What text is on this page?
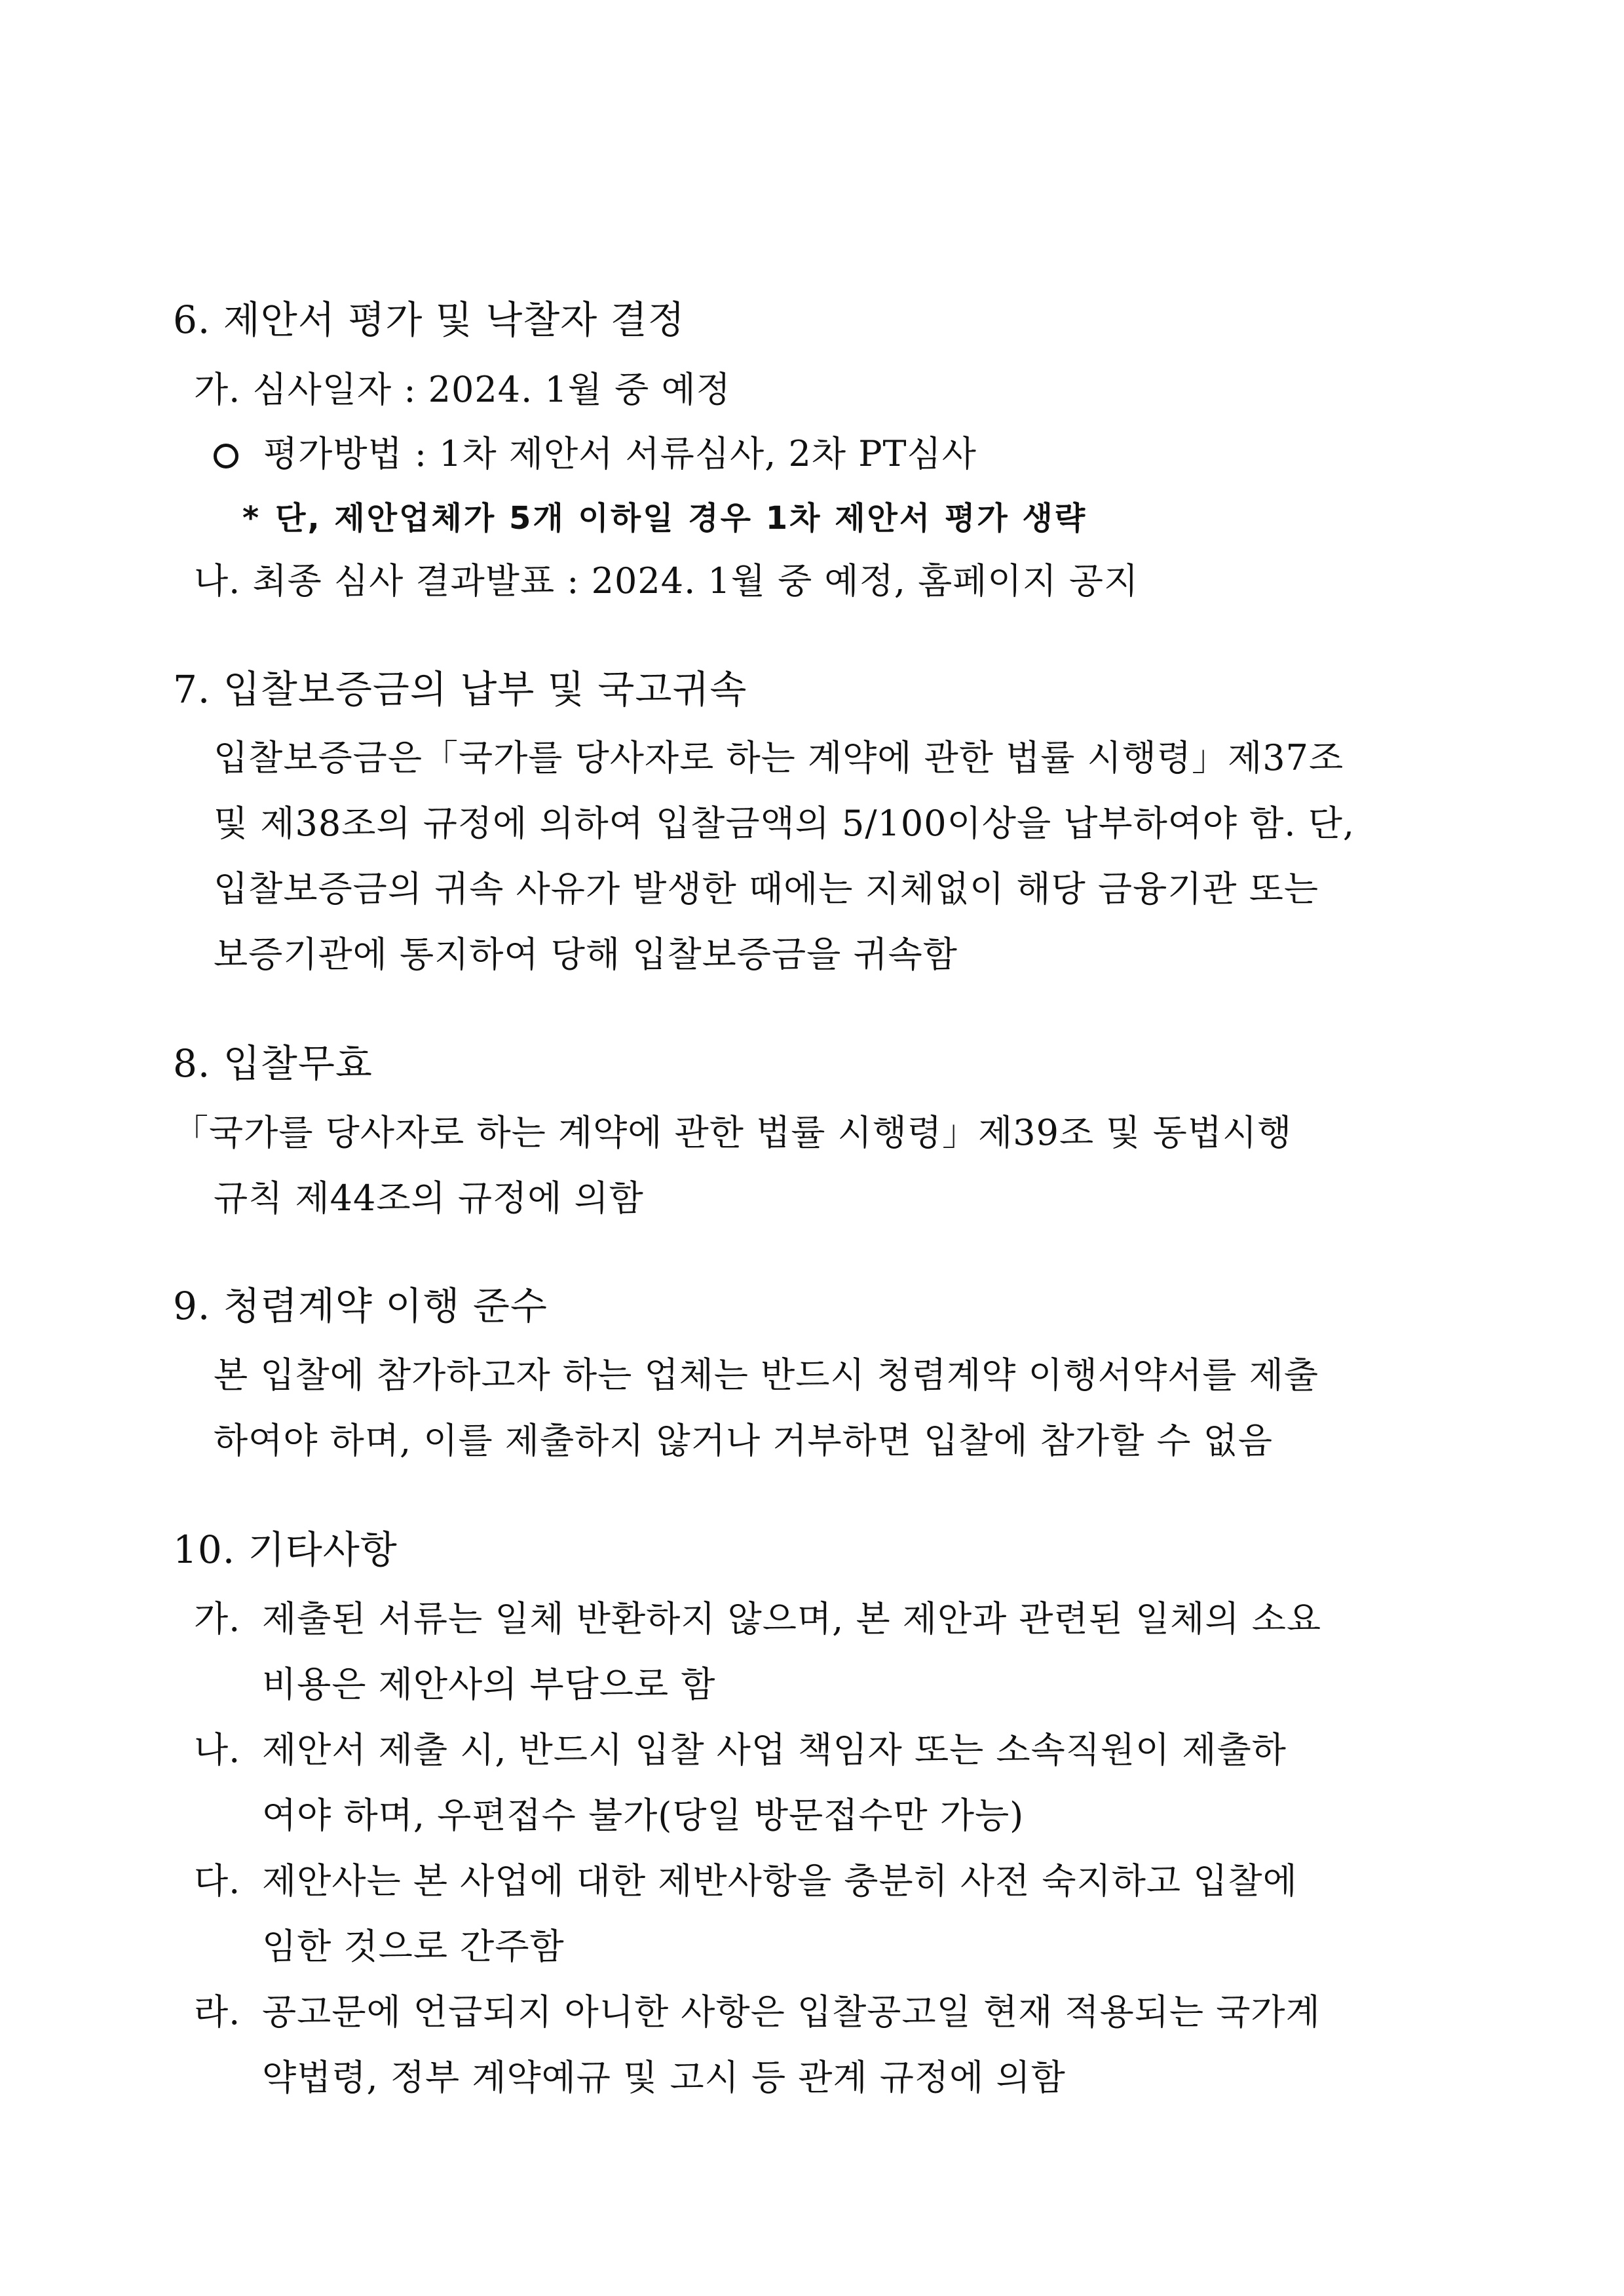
6. 제안서 평가 및 낙찰자 결정
가. 심사일자 : 2024. 1월 중 예정
평가방법 : 1차 제안서 서류심사, 2차 PT심사
* 단, 제안업체가 5개 이하일 경우 1차 제안서 평가 생략
나. 최종 심사 결과발표 : 2024. 1월 중 예정, 홈페이지 공지
7. 입찰보증금의 납부 및 국고귀속
입찰보증금은「국가를 당사자로 하는 계약에 관한 법률 시행령」제37조
및 제38조의 규정에 의하여 입찰금액의 5/100이상을 납부하여야 함. 단,
입찰보증금의 귀속 사유가 발생한 때에는 지체없이 해당 금융기관 또는
보증기관에 통지하여 당해 입찰보증금을 귀속함
8. 입찰무효
「국가를 당사자로 하는 계약에 관한 법률 시행령」제39조 및 동법시행
규칙 제44조의 규정에 의함
9. 청렴계약 이행 준수
본 입찰에 참가하고자 하는 업체는 반드시 청렴계약 이행서약서를 제출
하여야 하며, 이를 제출하지 않거나 거부하면 입찰에 참가할 수 없음
10. 기타사항
가. 제출된 서류는 일체 반환하지 않으며, 본 제안과 관련된 일체의 소요
비용은 제안사의 부담으로 함
나. 제안서 제출 시, 반드시 입찰 사업 책임자 또는 소속직원이 제출하
여야 하며, 우편접수 불가(당일 방문접수만 가능)
다. 제안사는 본 사업에 대한 제반사항을 충분히 사전 숙지하고 입찰에
임한 것으로 간주함
라. 공고문에 언급되지 아니한 사항은 입찰공고일 현재 적용되는 국가계
약법령, 정부 계약예규 및 고시 등 관계 규정에 의함
